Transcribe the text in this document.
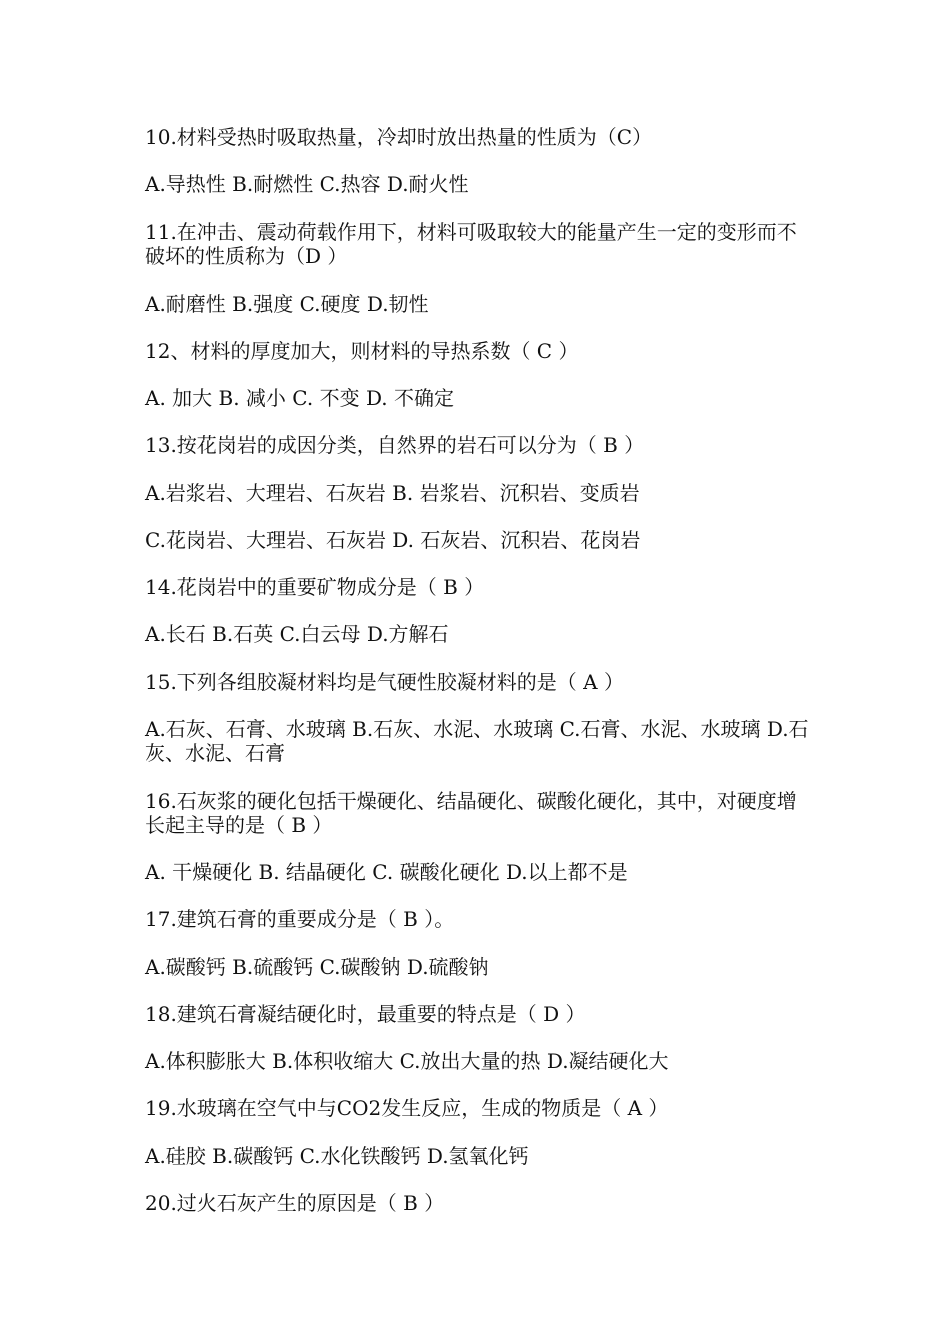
10.材料受热时吸取热量，冷却时放出热量的性质为（C）

A.导热性 B.耐燃性 C.热容 D.耐火性

11.在冲击、震动荷载作用下，材料可吸取较大的能量产生一定的变形而不破坏的性质称为（D ）

A.耐磨性 B.强度 C.硬度 D.韧性

12、材料的厚度加大，则材料的导热系数（ C ）

A. 加大 B. 减小 C. 不变 D. 不确定

13.按花岗岩的成因分类，自然界的岩石可以分为（ B ）

A.岩浆岩、大理岩、石灰岩 B. 岩浆岩、沉积岩、变质岩

C.花岗岩、大理岩、石灰岩 D. 石灰岩、沉积岩、花岗岩

14.花岗岩中的重要矿物成分是（ B ）

A.长石 B.石英 C.白云母 D.方解石

15.下列各组胶凝材料均是气硬性胶凝材料的是（ A ）

A.石灰、石膏、水玻璃 B.石灰、水泥、水玻璃 C.石膏、水泥、水玻璃 D.石灰、水泥、石膏

16.石灰浆的硬化包括干燥硬化、结晶硬化、碳酸化硬化，其中，对硬度增长起主导的是（ B ）

A. 干燥硬化 B. 结晶硬化 C. 碳酸化硬化 D.以上都不是

17.建筑石膏的重要成分是（ B ）。

A.碳酸钙 B.硫酸钙 C.碳酸钠 D.硫酸钠

18.建筑石膏凝结硬化时，最重要的特点是（ D ）

A.体积膨胀大 B.体积收缩大 C.放出大量的热 D.凝结硬化大

19.水玻璃在空气中与CO2发生反应，生成的物质是（ A ）

A.硅胶 B.碳酸钙 C.水化铁酸钙 D.氢氧化钙

20.过火石灰产生的原因是（ B ）
